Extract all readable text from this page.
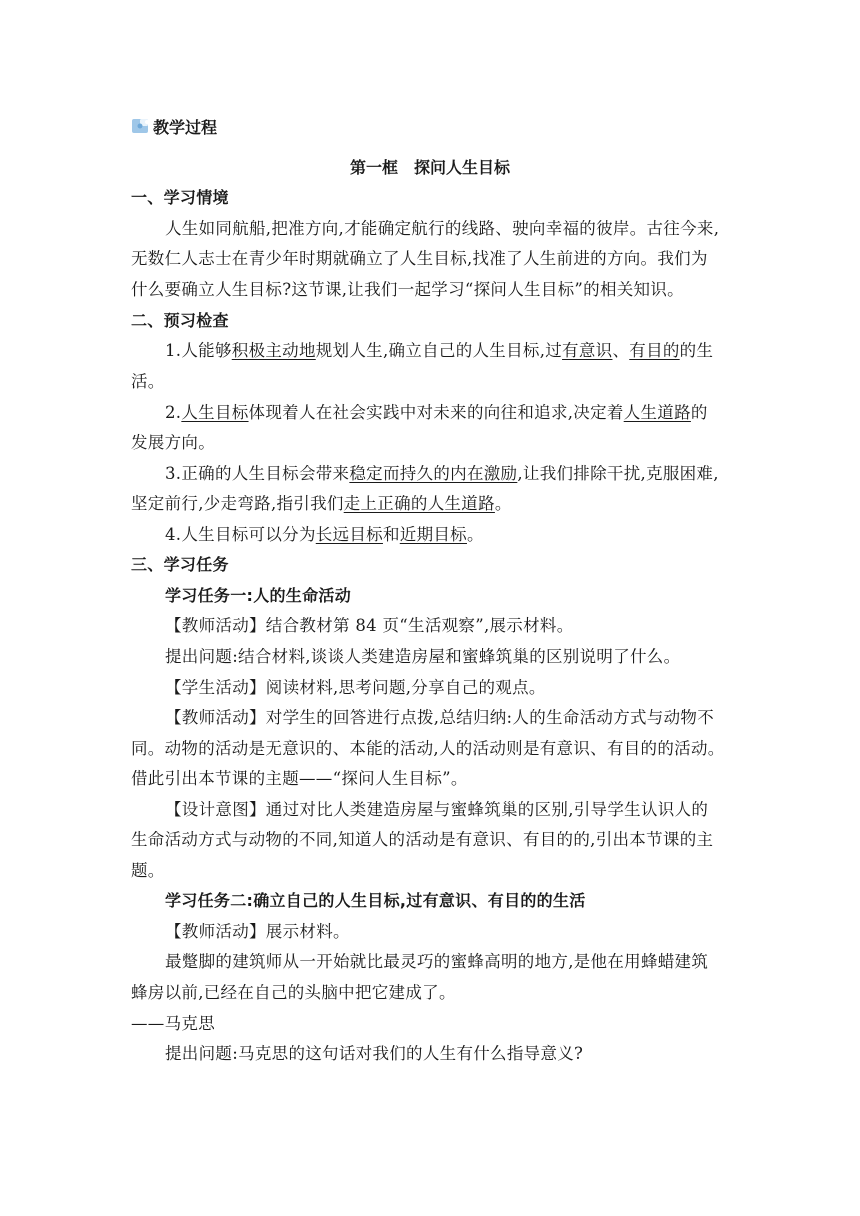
教学过程
第一框　探问人生目标
一、学习情境
人生如同航船,把准方向,才能确定航行的线路、驶向幸福的彼岸。古往今来,
无数仁人志士在青少年时期就确立了人生目标,找准了人生前进的方向。我们为
什么要确立人生目标?这节课,让我们一起学习“探问人生目标”的相关知识。
二、预习检查
1.人能够积极主动地规划人生,确立自己的人生目标,过有意识、有目的的生
活。
2.人生目标体现着人在社会实践中对未来的向往和追求,决定着人生道路的
发展方向。
3.正确的人生目标会带来稳定而持久的内在激励,让我们排除干扰,克服困难,
坚定前行,少走弯路,指引我们走上正确的人生道路。
4.人生目标可以分为长远目标和近期目标。
三、学习任务
学习任务一:人的生命活动
【教师活动】结合教材第 84 页“生活观察”,展示材料。
提出问题:结合材料,谈谈人类建造房屋和蜜蜂筑巢的区别说明了什么。
【学生活动】阅读材料,思考问题,分享自己的观点。
【教师活动】对学生的回答进行点拨,总结归纳:人的生命活动方式与动物不
同。动物的活动是无意识的、本能的活动,人的活动则是有意识、有目的的活动。
借此引出本节课的主题——“探问人生目标”。
【设计意图】通过对比人类建造房屋与蜜蜂筑巢的区别,引导学生认识人的
生命活动方式与动物的不同,知道人的活动是有意识、有目的的,引出本节课的主
题。
学习任务二:确立自己的人生目标,过有意识、有目的的生活
【教师活动】展示材料。
最蹩脚的建筑师从一开始就比最灵巧的蜜蜂高明的地方,是他在用蜂蜡建筑
蜂房以前,已经在自己的头脑中把它建成了。
——马克思
提出问题:马克思的这句话对我们的人生有什么指导意义?
